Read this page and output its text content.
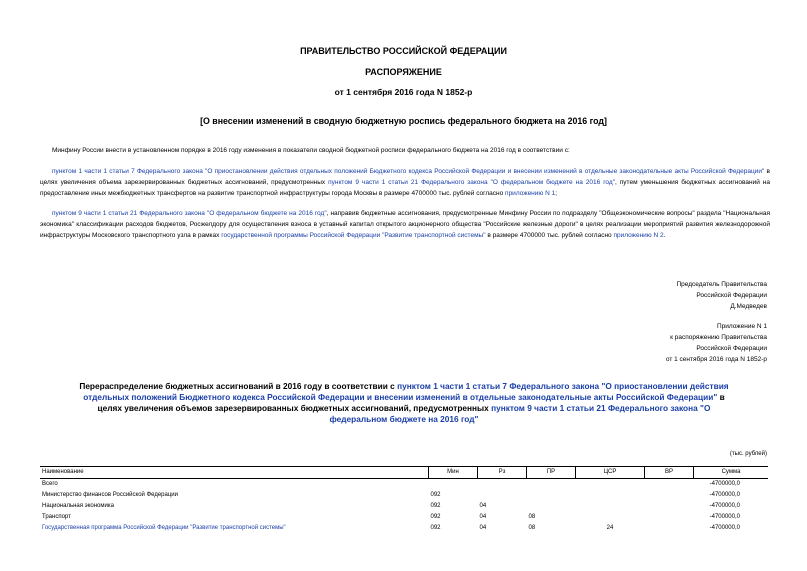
ПРАВИТЕЛЬСТВО РОССИЙСКОЙ ФЕДЕРАЦИИ
РАСПОРЯЖЕНИЕ
от 1 сентября 2016 года N 1852-р
[О внесении изменений в сводную бюджетную роспись федерального бюджета на 2016 год]
Минфину России внести в установленном порядке в 2016 году изменения в показатели сводной бюджетной росписи федерального бюджета на 2016 год в соответствии с:
пунктом 1 части 1 статьи 7 Федерального закона "О приостановлении действия отдельных положений Бюджетного кодекса Российской Федерации и внесении изменений в отдельные законодательные акты Российской Федерации" в целях увеличения объема зарезервированных бюджетных ассигнований, предусмотренных пунктом 9 части 1 статьи 21 Федерального закона "О федеральном бюджете на 2016 год", путем уменьшения бюджетных ассигнований на предоставление иных межбюджетных трансфертов на развитие транспортной инфраструктуры города Москвы в размере 4700000 тыс. рублей согласно приложению N 1;
пунктом 9 части 1 статьи 21 Федерального закона "О федеральном бюджете на 2016 год", направив бюджетные ассигнования, предусмотренные Минфину России по подразделу "Общеэкономические вопросы" раздела "Национальная экономика" классификации расходов бюджетов, Росжелдору для осуществления взноса в уставный капитал открытого акционерного общества "Российские железные дороги" в целях реализации мероприятий развития железнодорожной инфраструктуры Московского транспортного узла в рамках государственной программы Российской Федерации "Развитие транспортной системы" в размере 4700000 тыс. рублей согласно приложению N 2.
Председатель Правительства
Российской Федерации
Д.Медведев
Приложение N 1
к распоряжению Правительства
Российской Федерации
от 1 сентября 2016 года N 1852-р
Перераспределение бюджетных ассигнований в 2016 году в соответствии с пунктом 1 части 1 статьи 7 Федерального закона "О приостановлении действия отдельных положений Бюджетного кодекса Российской Федерации и внесении изменений в отдельные законодательные акты Российской Федерации" в целях увеличения объемов зарезервированных бюджетных ассигнований, предусмотренных пунктом 9 части 1 статьи 21 Федерального закона "О федеральном бюджете на 2016 год"
(тыс. рублей)
Наименование	Мин	Рз	ПР	ЦСР	ВР	Сумма
Всего						-4700000,0
Министерство финансов Российской Федерации	092					-4700000,0
Национальная экономика	092	04				-4700000,0
Транспорт	092	04	08			-4700000,0
Государственная программа Российской Федерации "Развитие транспортной системы"	092	04	08	24		-4700000,0
